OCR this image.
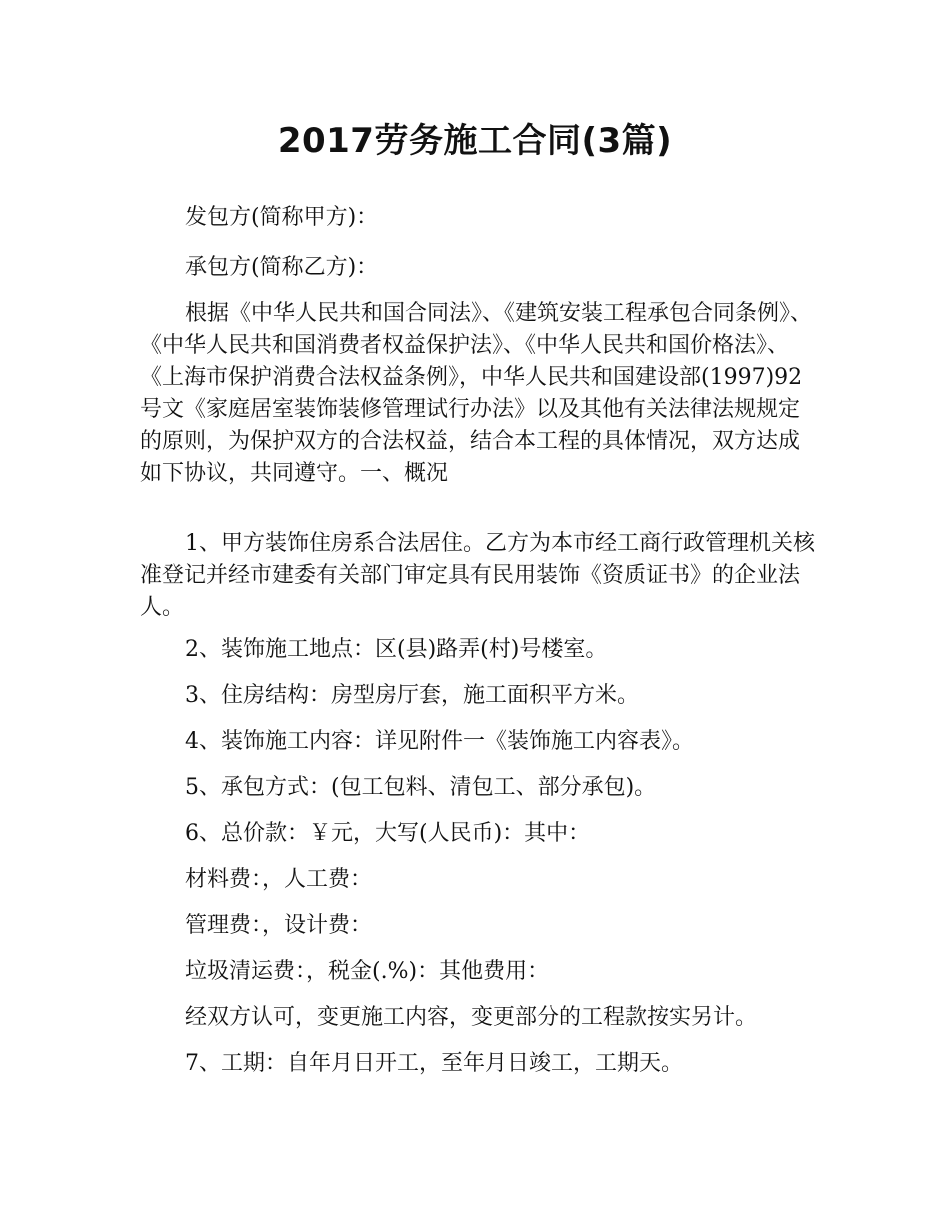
2017劳务施工合同(3篇)

发包方(简称甲方)：

承包方(简称乙方)：

根据《中华人民共和国合同法》、《建筑安装工程承包合同条例》、《中华人民共和国消费者权益保护法》、《中华人民共和国价格法》、《上海市保护消费合法权益条例》，中华人民共和国建设部(1997)92号文《家庭居室装饰装修管理试行办法》以及其他有关法律法规规定的原则，为保护双方的合法权益，结合本工程的具体情况，双方达成如下协议，共同遵守。一、概况

1、甲方装饰住房系合法居住。乙方为本市经工商行政管理机关核准登记并经市建委有关部门审定具有民用装饰《资质证书》的企业法人。

2、装饰施工地点：区(县)路弄(村)号楼室。

3、住房结构：房型房厅套，施工面积平方米。

4、装饰施工内容：详见附件一《装饰施工内容表》。

5、承包方式：(包工包料、清包工、部分承包)。

6、总价款：￥元，大写(人民币)：其中：

材料费：，人工费：

管理费：，设计费：

垃圾清运费：，税金(.%)：其他费用：

经双方认可，变更施工内容，变更部分的工程款按实另计。

7、工期：自年月日开工，至年月日竣工，工期天。
